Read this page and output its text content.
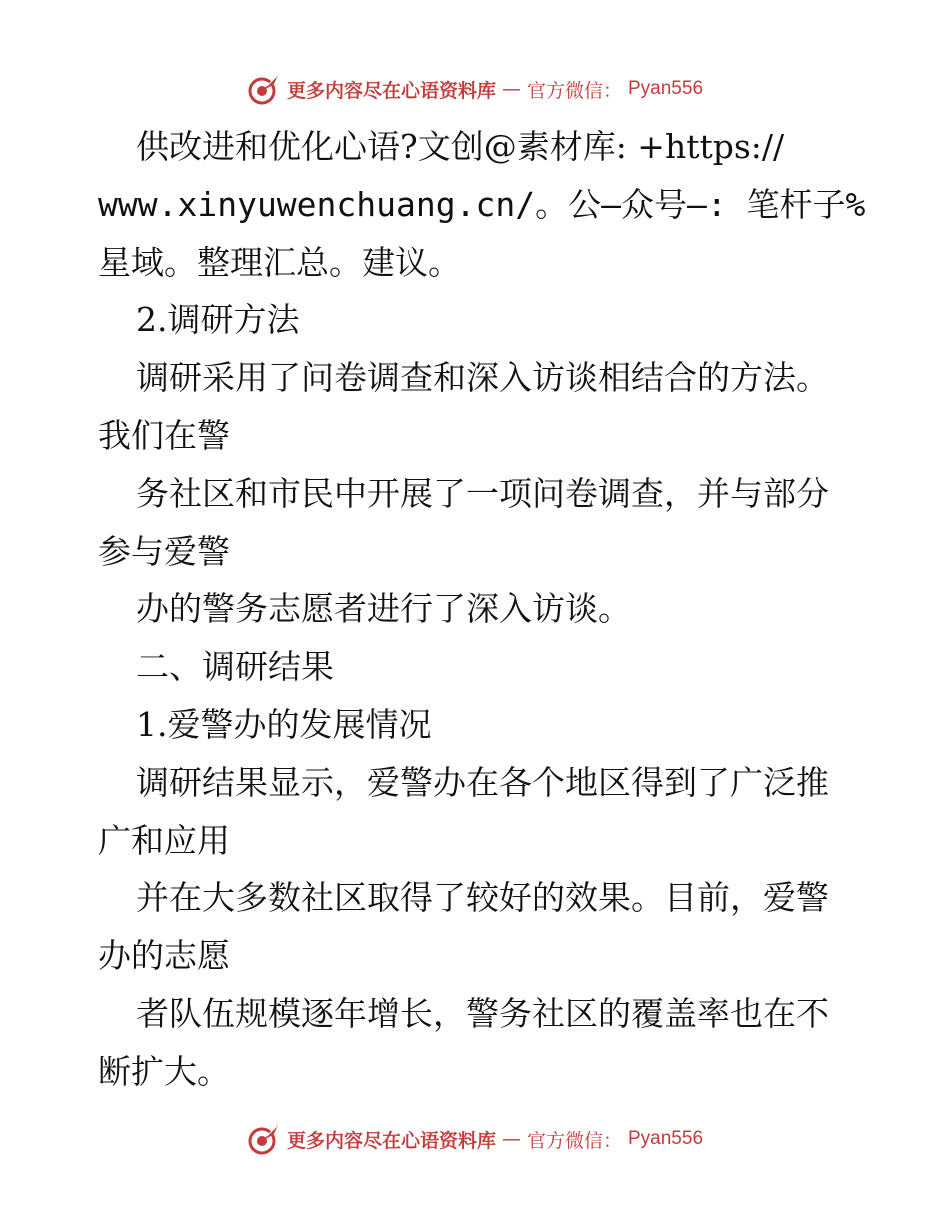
更多内容尽在心语资料库 — 官方微信： Pyan556
供改进和优化心语?文创@素材库: +https://
www.xinyuwenchuang.cn/。公—众号—: 笔杆子%
星域。整理汇总。建议。
2.调研方法
调研采用了问卷调查和深入访谈相结合的方法。
我们在警
务社区和市民中开展了一项问卷调查，并与部分
参与爱警
办的警务志愿者进行了深入访谈。
二、调研结果
1.爱警办的发展情况
调研结果显示，爱警办在各个地区得到了广泛推
广和应用
并在大多数社区取得了较好的效果。目前，爱警
办的志愿
者队伍规模逐年增长，警务社区的覆盖率也在不
断扩大。
更多内容尽在心语资料库 — 官方微信： Pyan556
